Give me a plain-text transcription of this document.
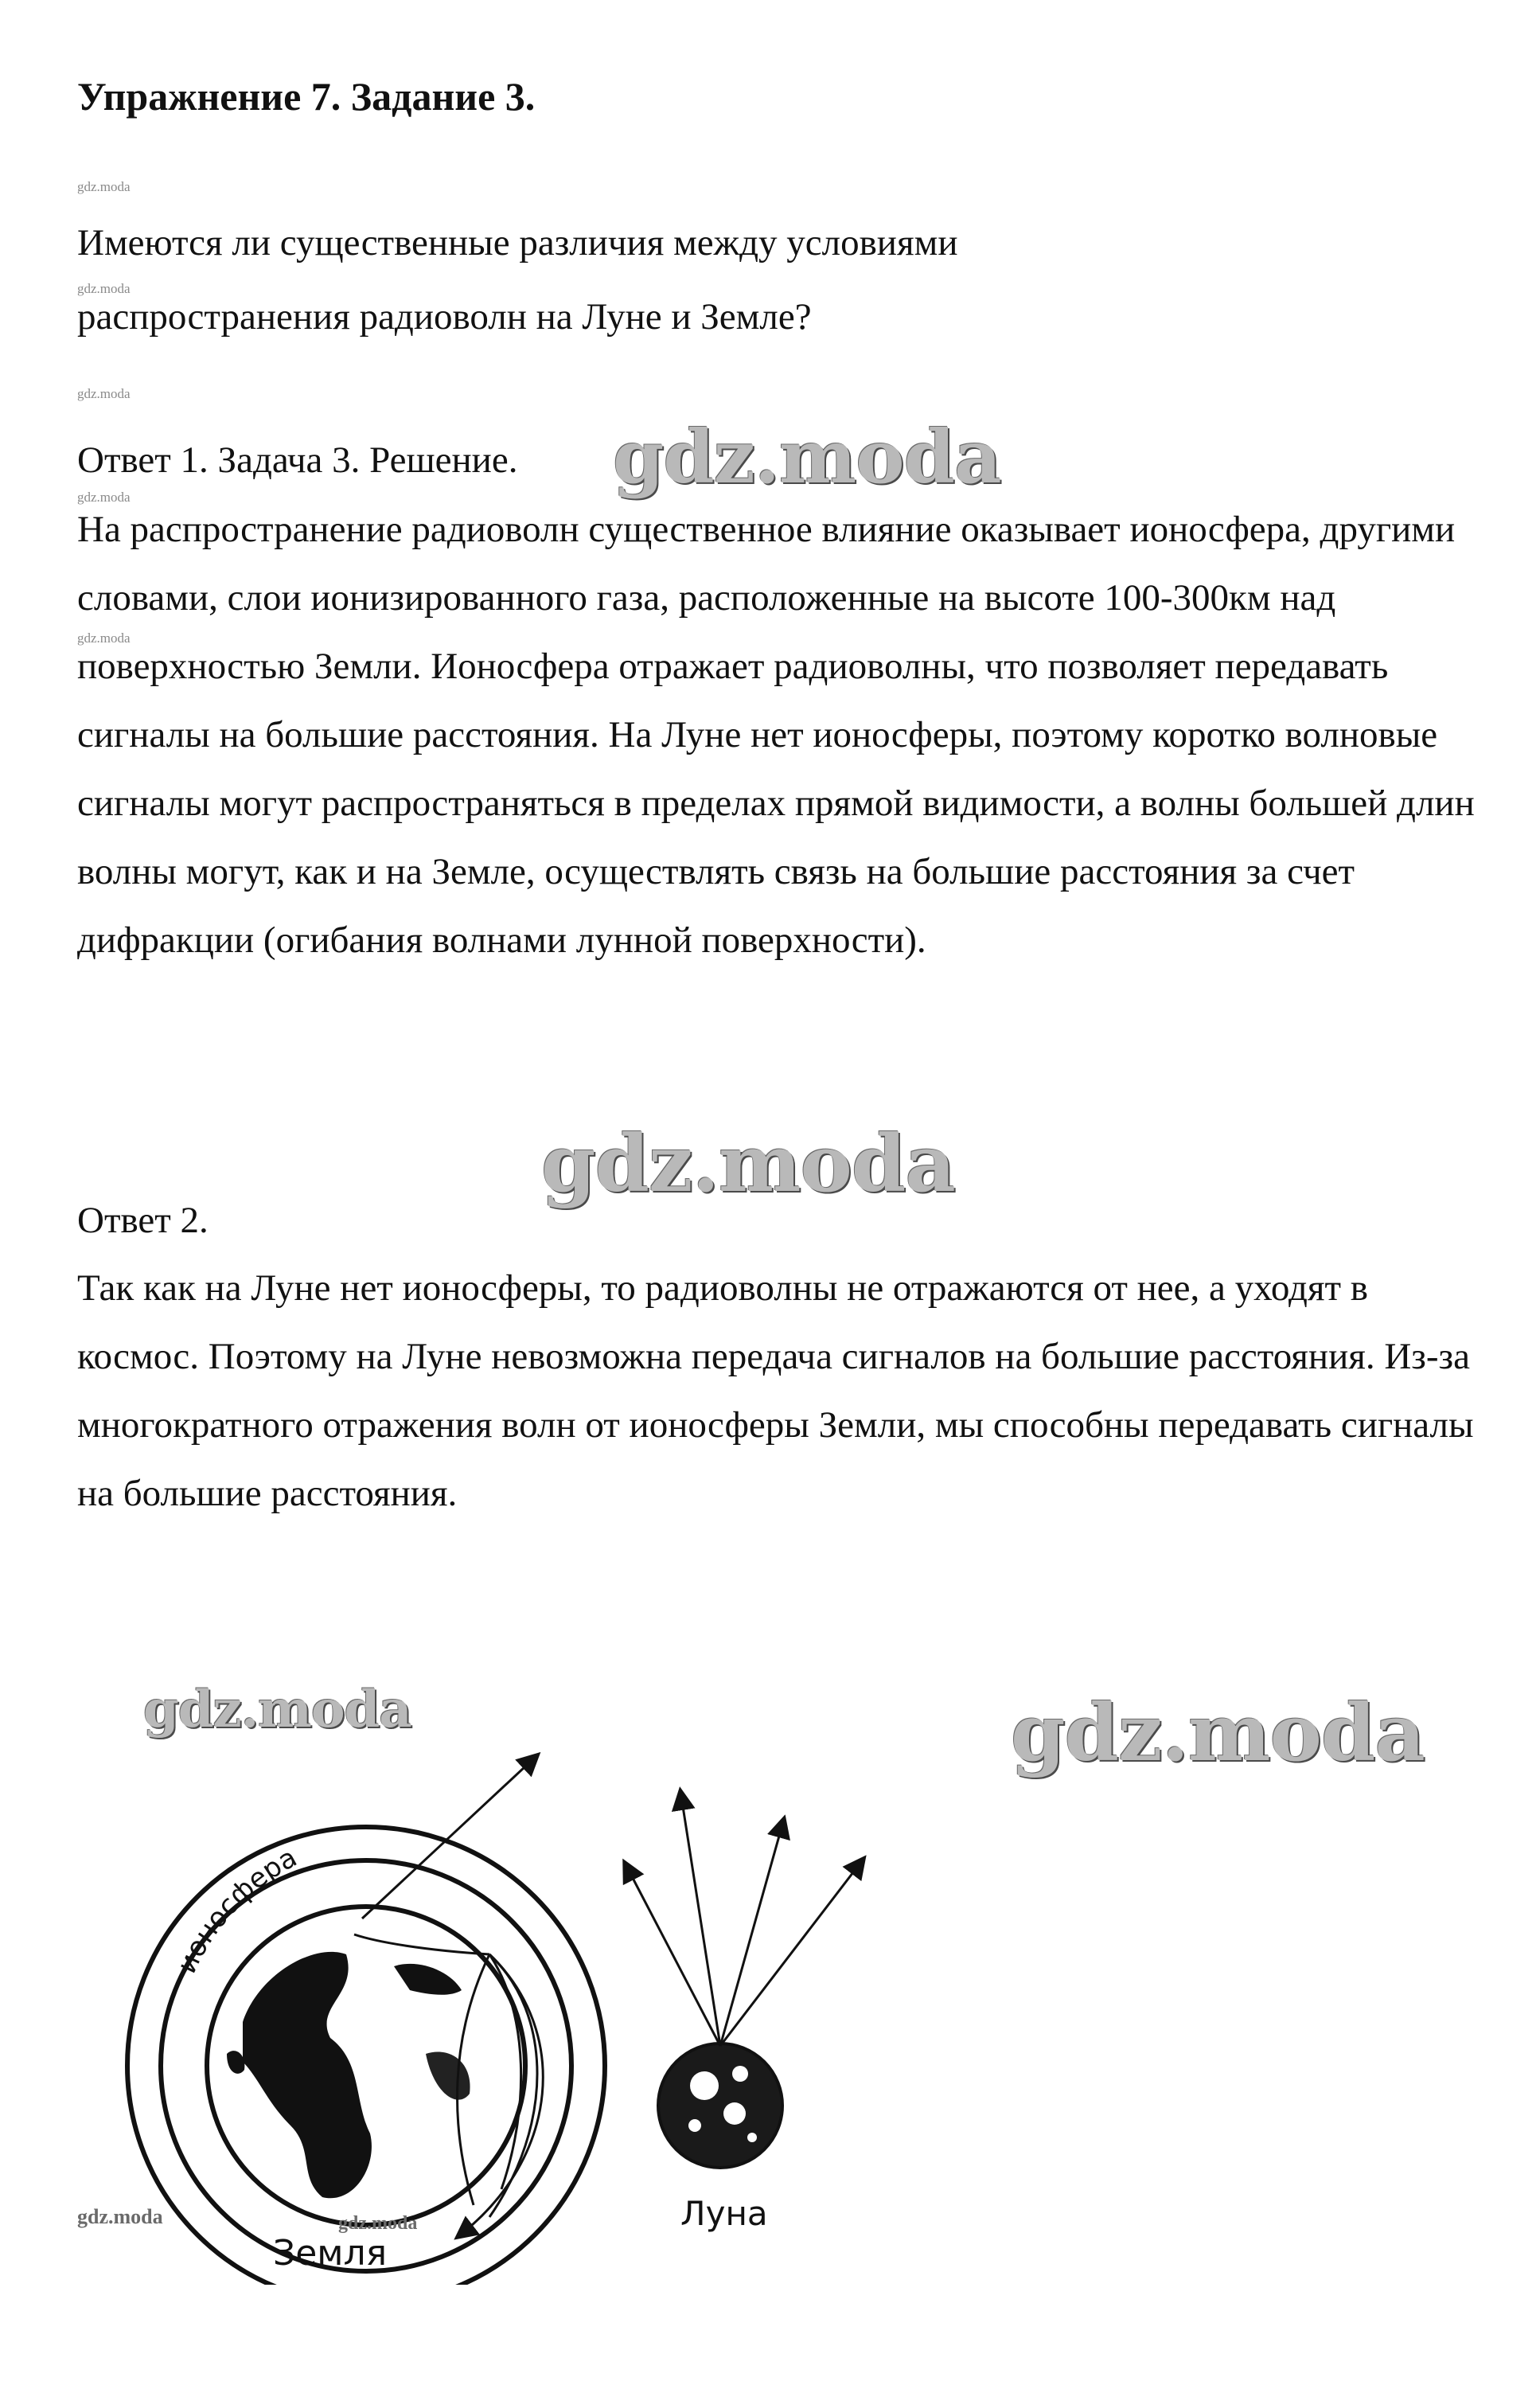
Упражнение 7. Задание 3.
gdz.moda
gdz.moda
gdz.moda
gdz.moda
gdz.moda
Имеются ли существенные различия между условиями
распространения радиоволн на Луне и Земле?
Ответ 1. Задача 3. Решение. gdz.moda

На распространение радиоволн существенное влияние оказывает ионосфера, другими словами, слои ионизированного газа, расположенные на высоте 100-300км над поверхностью Земли. Ионосфера отражает радиоволны, что позволяет передавать сигналы на большие расстояния. На Луне нет ионосферы, поэтому коротко волновые сигналы могут распространяться в пределах прямой видимости, а волны большей длин волны могут, как и на Земле, осуществлять связь на большие расстояния за счет дифракции (огибания волнами лунной поверхности).

gdz.moda
Ответ 2.

Так как на Луне нет ионосферы, то радиоволны не отражаются от нее, а уходят в космос. Поэтому на Луне невозможна передача сигналов на большие расстояния. Из-за многократного отражения волн от ионосферы Земли, мы способны передавать сигналы на большие расстояния.

ионосфера
Земля
Луна
gdz.moda	gdz.moda
gdz.moda	gdz.moda
